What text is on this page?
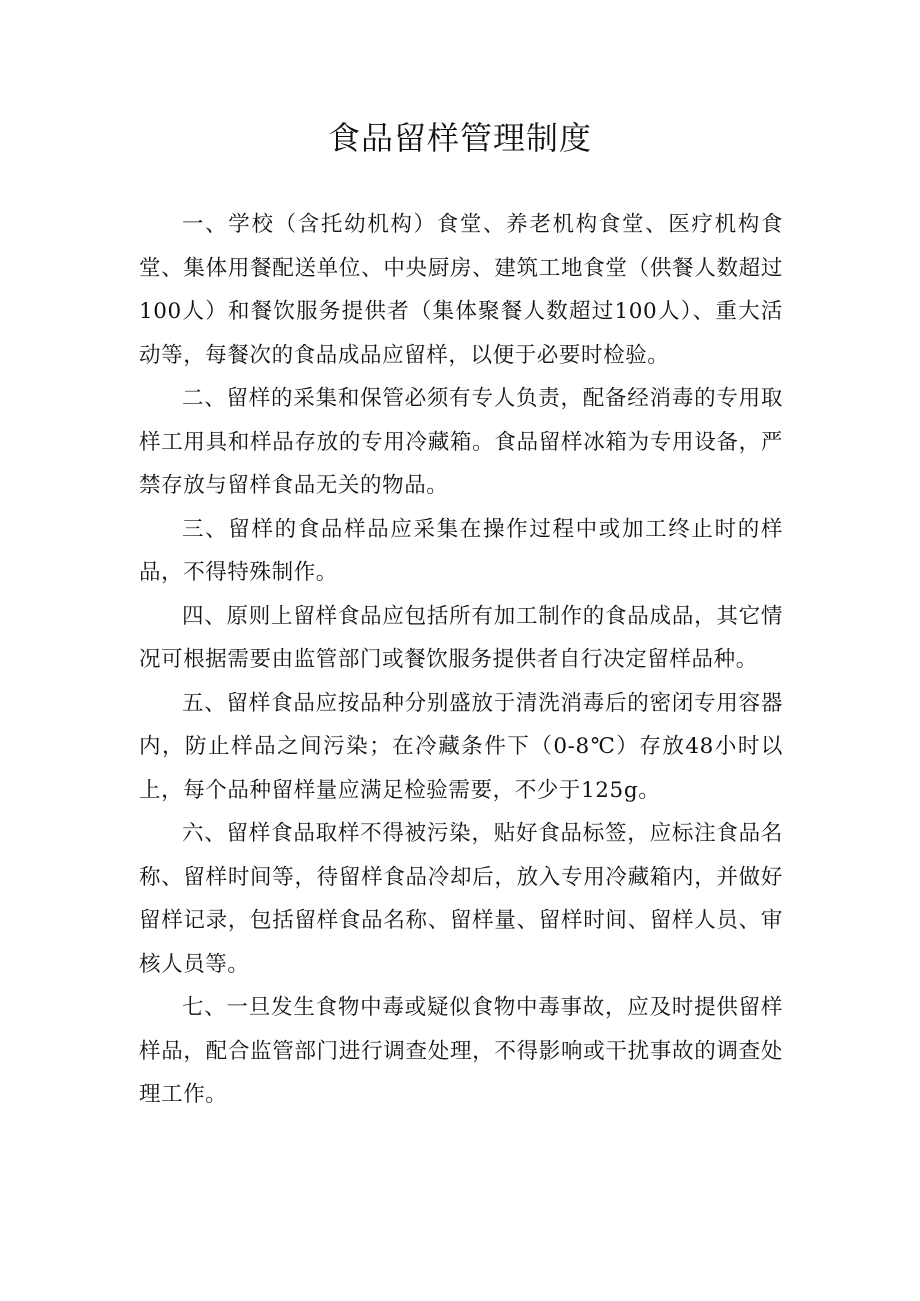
食品留样管理制度

一、学校（含托幼机构）食堂、养老机构食堂、医疗机构食堂、集体用餐配送单位、中央厨房、建筑工地食堂（供餐人数超过100人）和餐饮服务提供者（集体聚餐人数超过100人）、重大活动等，每餐次的食品成品应留样，以便于必要时检验。

二、留样的采集和保管必须有专人负责，配备经消毒的专用取样工用具和样品存放的专用冷藏箱。食品留样冰箱为专用设备，严禁存放与留样食品无关的物品。

三、留样的食品样品应采集在操作过程中或加工终止时的样品，不得特殊制作。

四、原则上留样食品应包括所有加工制作的食品成品，其它情况可根据需要由监管部门或餐饮服务提供者自行决定留样品种。

五、留样食品应按品种分别盛放于清洗消毒后的密闭专用容器内，防止样品之间污染；在冷藏条件下（0-8℃）存放48小时以上，每个品种留样量应满足检验需要，不少于125g。

六、留样食品取样不得被污染，贴好食品标签，应标注食品名称、留样时间等，待留样食品冷却后，放入专用冷藏箱内，并做好留样记录，包括留样食品名称、留样量、留样时间、留样人员、审核人员等。

七、一旦发生食物中毒或疑似食物中毒事故，应及时提供留样样品，配合监管部门进行调查处理，不得影响或干扰事故的调查处理工作。
